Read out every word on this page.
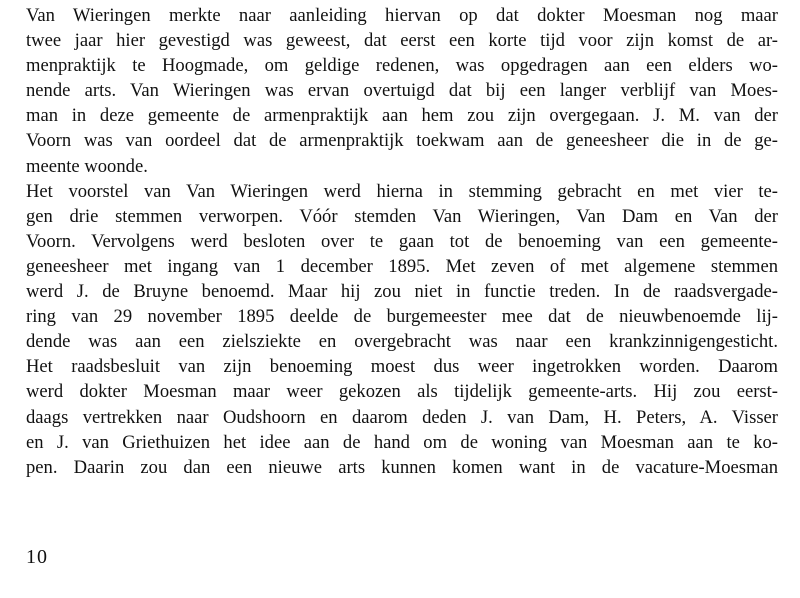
Van Wieringen merkte naar aanleiding hiervan op dat dokter Moesman nog maar
twee jaar hier gevestigd was geweest, dat eerst een korte tijd voor zijn komst de ar-
menpraktijk te Hoogmade, om geldige redenen, was opgedragen aan een elders wo-
nende arts. Van Wieringen was ervan overtuigd dat bij een langer verblijf van Moes-
man in deze gemeente de armenpraktijk aan hem zou zijn overgegaan. J. M. van der
Voorn was van oordeel dat de armenpraktijk toekwam aan de geneesheer die in de ge-
meente woonde.
Het voorstel van Van Wieringen werd hierna in stemming gebracht en met vier te-
gen drie stemmen verworpen. Vóór stemden Van Wieringen, Van Dam en Van der
Voorn. Vervolgens werd besloten over te gaan tot de benoeming van een gemeente-
geneesheer met ingang van 1 december 1895. Met zeven of met algemene stemmen
werd J. de Bruyne benoemd. Maar hij zou niet in functie treden. In de raadsvergade-
ring van 29 november 1895 deelde de burgemeester mee dat de nieuwbenoemde lij-
dende was aan een zielsziekte en overgebracht was naar een krankzinnigengesticht.
Het raadsbesluit van zijn benoeming moest dus weer ingetrokken worden. Daarom
werd dokter Moesman maar weer gekozen als tijdelijk gemeente-arts. Hij zou eerst-
daags vertrekken naar Oudshoorn en daarom deden J. van Dam, H. Peters, A. Visser
en J. van Griethuizen het idee aan de hand om de woning van Moesman aan te ko-
pen. Daarin zou dan een nieuwe arts kunnen komen want in de vacature-Moesman
10
